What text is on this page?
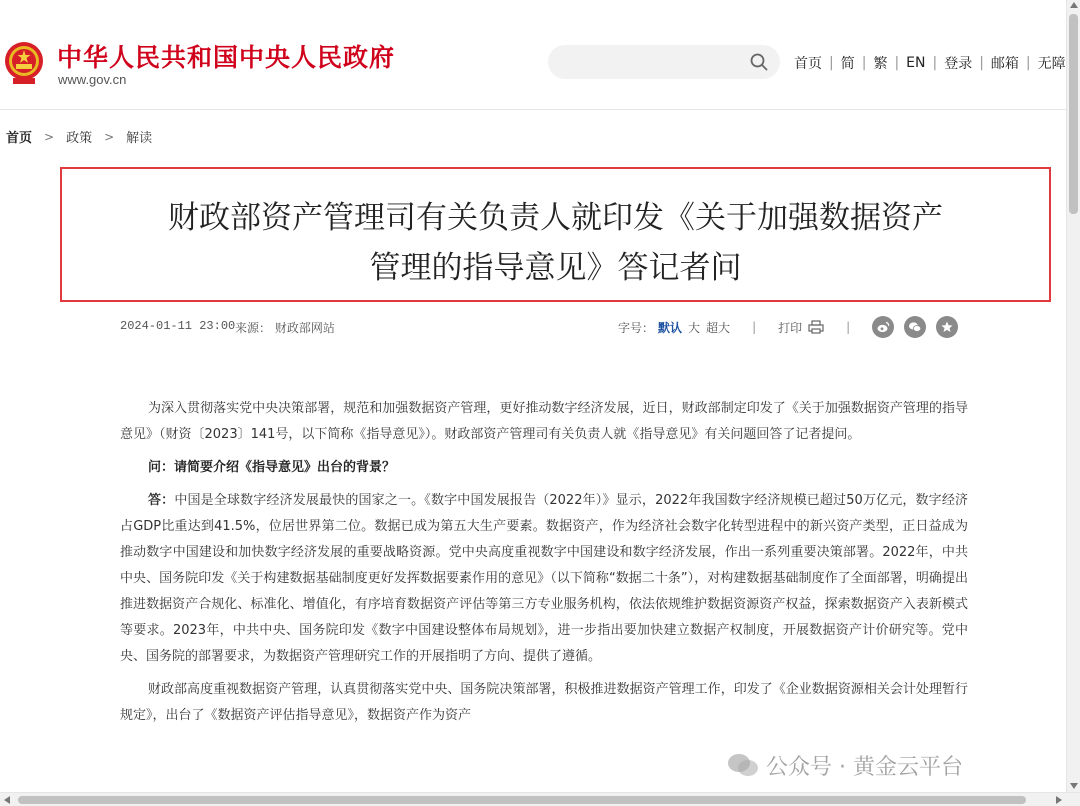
中华人民共和国中央人民政府
www.gov.cn
首页 | 简 | 繁 | EN | 登录 | 邮箱 | 无障
首页 > 政策 > 解读
财政部资产管理司有关负责人就印发《关于加强数据资产
管理的指导意见》答记者问
2024-01-11 23:00 来源： 财政部网站	字号： 默认 大 超大 | 打印	|

为深入贯彻落实党中央决策部署，规范和加强数据资产管理，更好推动数字经济发展，近日，财政部制定印发了《关于加强数据资产管理的指导意见》（财资〔2023〕141号，以下简称《指导意见》）。财政部资产管理司有关负责人就《指导意见》有关问题回答了记者提问。

问：请简要介绍《指导意见》出台的背景？

答：中国是全球数字经济发展最快的国家之一。《数字中国发展报告（2022年）》显示，2022年我国数字经济规模已超过50万亿元，数字经济占GDP比重达到41.5%，位居世界第二位。数据已成为第五大生产要素。数据资产，作为经济社会数字化转型进程中的新兴资产类型，正日益成为推动数字中国建设和加快数字经济发展的重要战略资源。党中央高度重视数字中国建设和数字经济发展，作出一系列重要决策部署。2022年，中共中央、国务院印发《关于构建数据基础制度更好发挥数据要素作用的意见》（以下简称“数据二十条”），对构建数据基础制度作了全面部署，明确提出推进数据资产合规化、标准化、增值化，有序培育数据资产评估等第三方专业服务机构，依法依规维护数据资源资产权益，探索数据资产入表新模式等要求。2023年，中共中央、国务院印发《数字中国建设整体布局规划》，进一步指出要加快建立数据产权制度，开展数据资产计价研究等。党中央、国务院的部署要求，为数据资产管理研究工作的开展指明了方向、提供了遵循。

财政部高度重视数据资产管理，认真贯彻落实党中央、国务院决策部署，积极推进数据资产管理工作，印发了《企业数据资源相关会计处理暂行规定》，出台了《数据资产评估指导意见》，数据资产作为资产

公众号 · 黄金云平台
